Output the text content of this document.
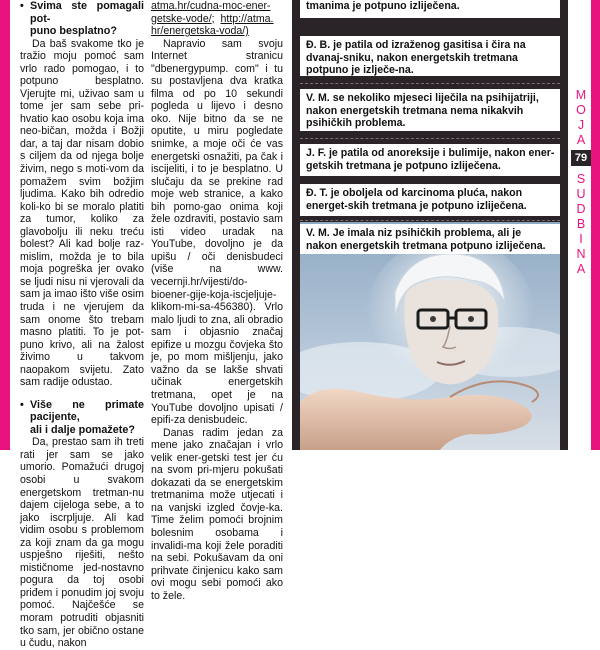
• Svima ste pomagali pot-
puno besplatno?

Da baš svakome tko je tražio moju pomoć sam vrlo rado pomogao, i to potpuno besplatno. Vjerujte mi, uživao sam u tome jer sam sebe pri-hvatio kao osobu koja ima neo-bičan, možda i Božji dar, a taj dar nisam dobio s ciljem da od njega bolje živim, nego s moti-vom da pomažem svim božjim ljudima. Kako bih odredio koli-ko bi se moralo platiti za tumor, koliko za glavobolju ili neku treću bolest? Ali kad bolje raz-mislim, možda je to bila moja pogreška jer ovako se ljudi nisu ni vjerovali da sam ja imao išto više osim truda i ne vjerujem da sam onome što trebam masno platiti. To je pot-puno krivo, ali na žalost živimo u takvom naopakom svijetu. Zato sam radije odustao.

• Više ne primate pacijente,
ali i dalje pomažete?

Da, prestao sam ih treti rati jer sam se jako umorio. Pomažući drugoj osobi u svakom energetskom tretman-nu dajem cijeloga sebe, a to jako iscrpljuje. Ali kad vidim osobu s problemom za koji znam da ga mogu uspješno riješiti, nešto mističnome jed-nostavno pogura da toj osobi priđem i ponudim joj svoju pomoć. Najčešće se moram potruditi objasniti tko sam, jer obično ostane u čudu, nakon

atma.hr/cudna-moc-ener-
getske-vode/; http://atma.
hr/energetska-voda/)

Napravio sam svoju Internet stranicu "dbenergypump. com" i tu su postavljena dva kratka filma od po 10 sekundi pogleda u lijevo i desno oko. Nije bitno da se ne oputite, u miru pogledate snimke, a moje oči će vas energetski osnažiti, pa čak i iscijeliti, i to je besplatno. U slučaju da se prekine rad moje web stranice, a kako bih pomo-gao onima koji žele ozdraviti, postavio sam isti video uradak na YouTube, dovoljno je da upišu / oči denisbudeci (više na www. vecernji.hr/vijesti/do-bioener-gije-koja-iscjeljuje-klikom-mi-sa-456380). Vrlo malo ljudi to zna, ali obradio sam i objasnio značaj epifize u mozgu čovjeka što je, po mom mišljenju, jako važno da se lakše shvati učinak energetskih tretmana, opet je na YouTube dovoljno upisati / epifi-za denisbudeic.

Danas radim jedan za mene jako značajan i vrlo velik ener-getski test jer ću na svom pri-mjeru pokušati dokazati da se energetskim tretmanima može utjecati i na vanjski izgled čovje-ka. Time želim pomoći brojnim bolesnim osobama i invalidi-ma koji žele poraditi na sebi. Pokušavam da oni prihvate činjenicu kako sam ovi mogu sebi pomoći ako to žele.

tmanima je potpuno izliječena.
Đ. B. je patila od izraženog gasitisa i čira na dvanaj-sniku, nakon energetskih tretmana potpuno je izlječe-na.
V. M. se nekoliko mjeseci liječila na psihijatriji, nakon energetskih tretmana nema nikakvih psihičkih problema.
J. F. je patila od anoreksije i bulimije, nakon ener-getskih tretmana je potpuno izliječena.
Đ. T. je oboljela od karcinoma pluća, nakon energet-skih tretmana je potpuno izliječena.
V. M. Je imala niz psihičkih problema, ali je nakon energetskih tretmana potpuno izliječena.
M
O
J
A
79
S
U
D
B
I
N
A
